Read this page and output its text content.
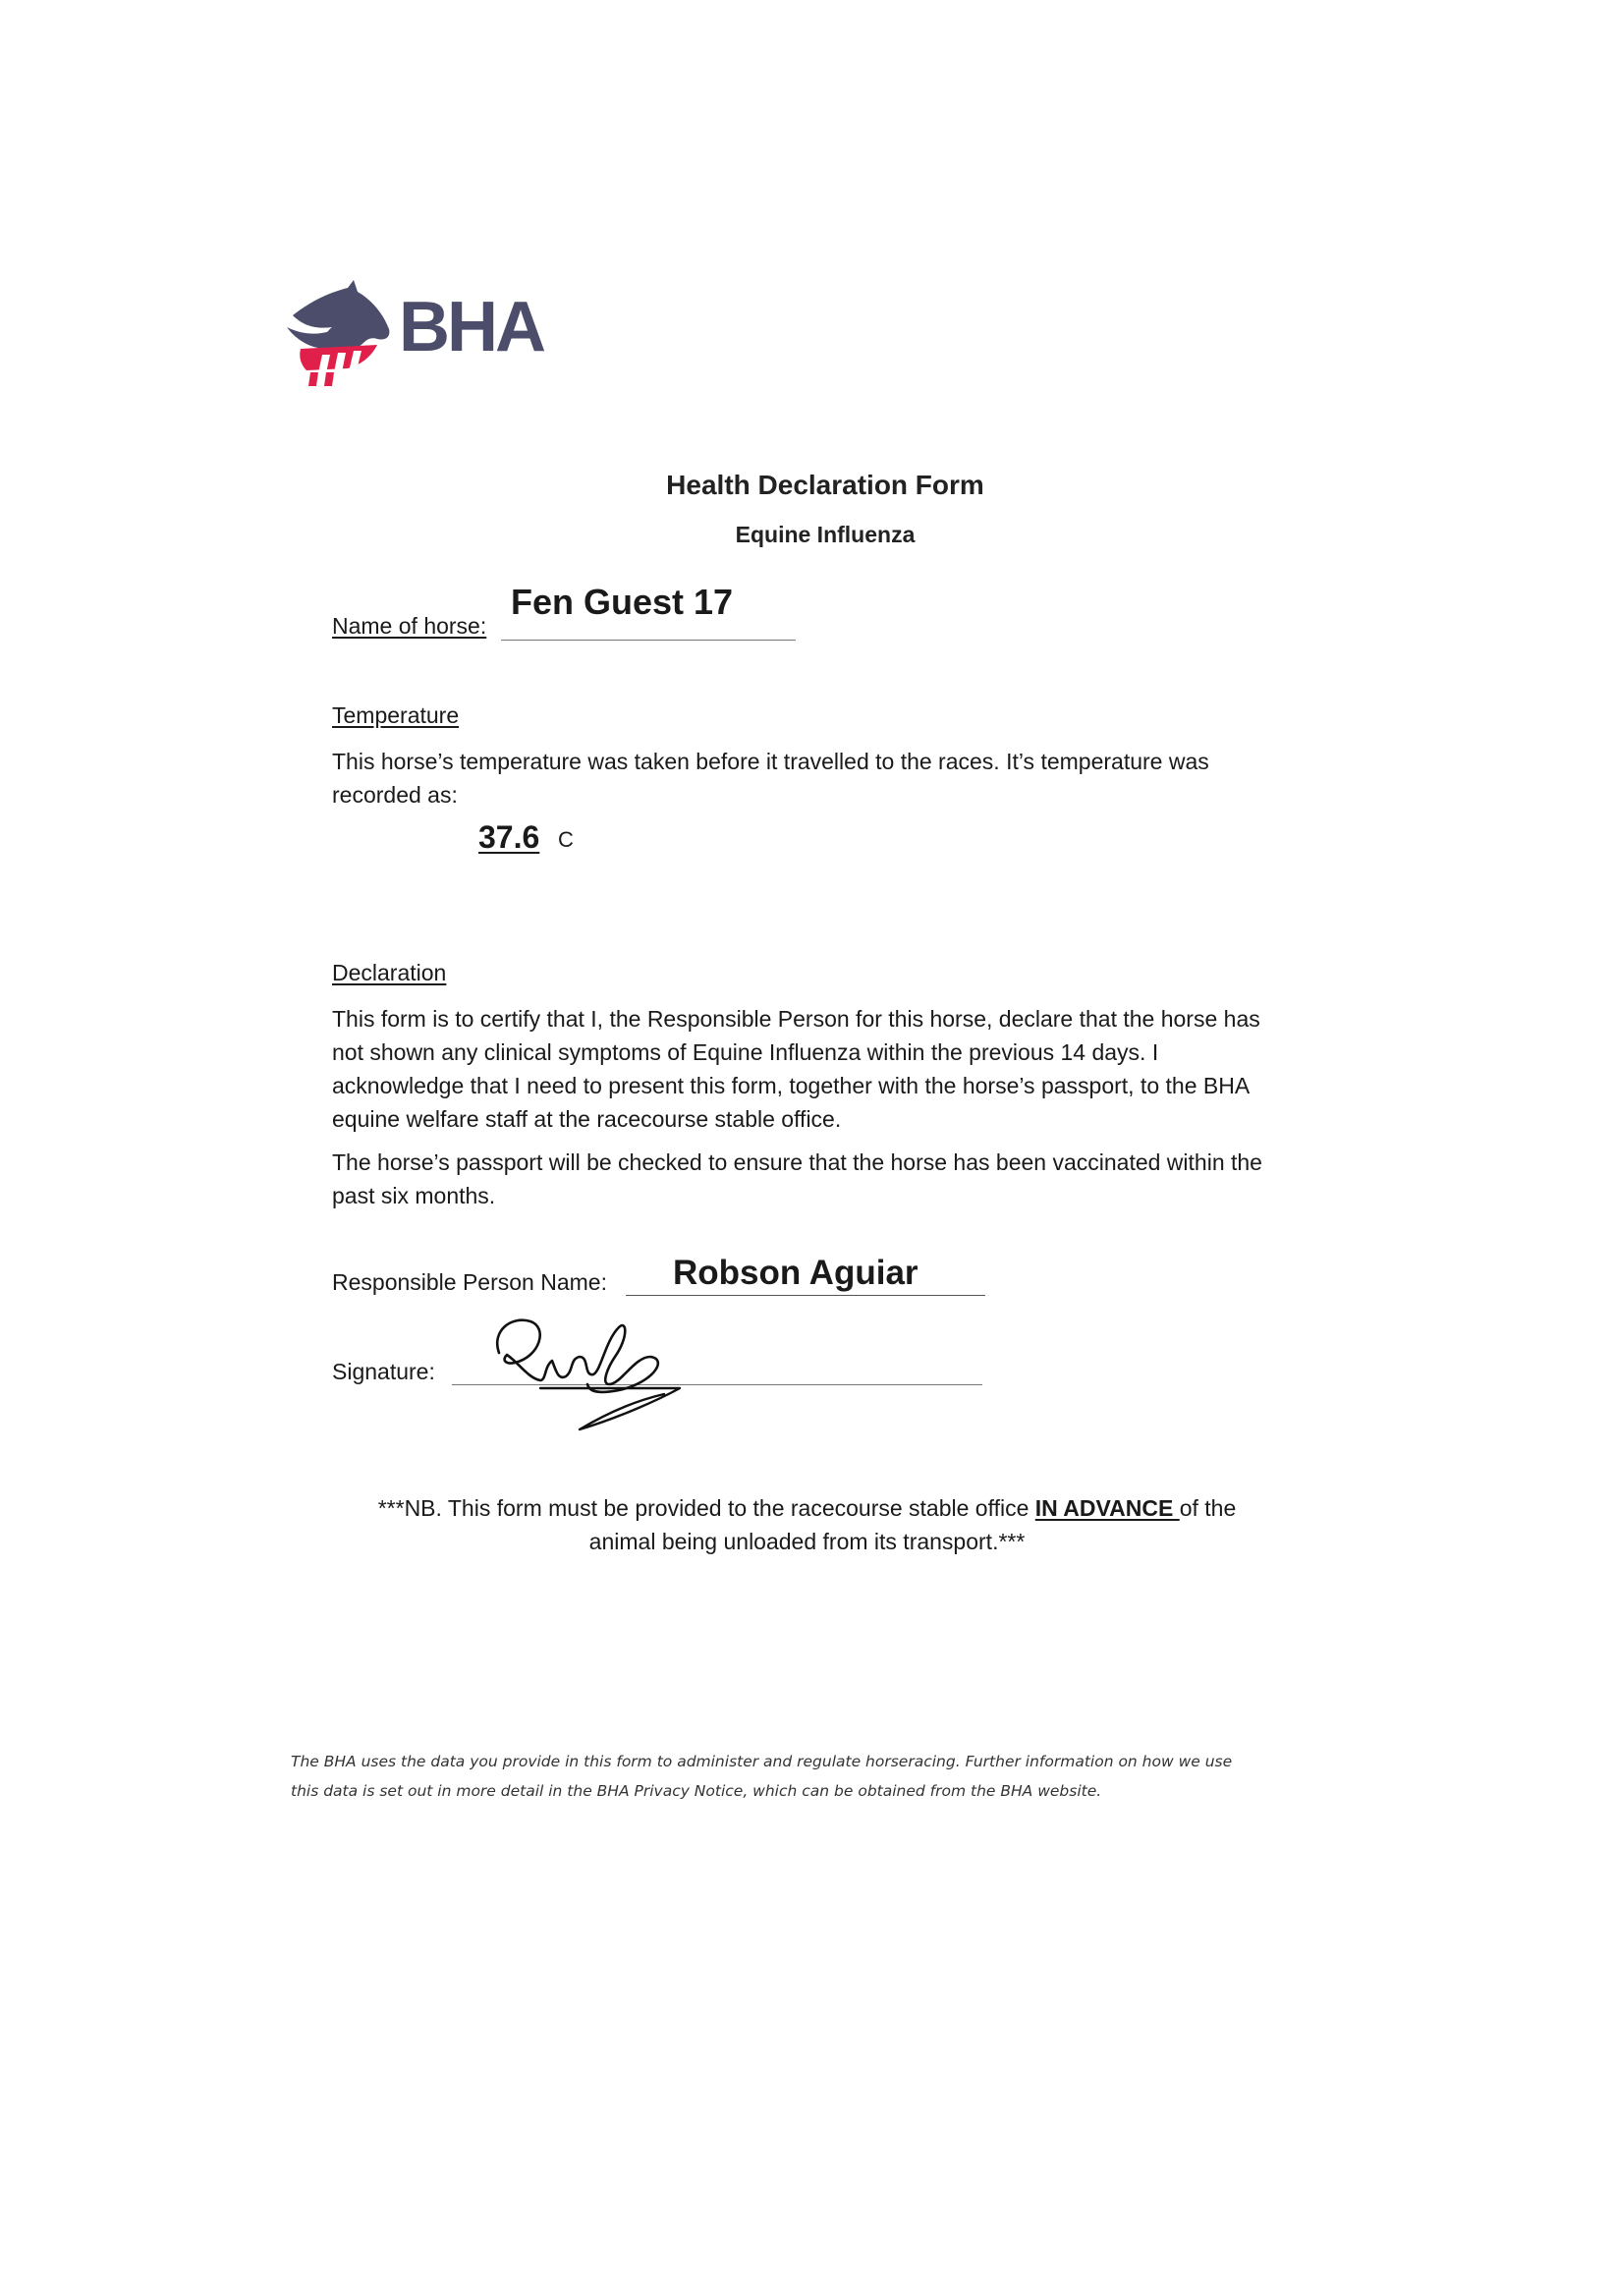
BHA
Health Declaration Form
Equine Influenza
Name of horse:
Fen Guest 17
Temperature
This horse’s temperature was taken before it travelled to the races. It’s temperature was recorded as:
37.6 C
Declaration
This form is to certify that I, the Responsible Person for this horse, declare that the horse has not shown any clinical symptoms of Equine Influenza within the previous 14 days. I acknowledge that I need to present this form, together with the horse’s passport, to the BHA equine welfare staff at the racecourse stable office.
The horse’s passport will be checked to ensure that the horse has been vaccinated within the past six months.
Responsible Person Name: Robson Aguiar
Signature:
***NB. This form must be provided to the racecourse stable office IN ADVANCE of the
animal being unloaded from its transport.***
The BHA uses the data you provide in this form to administer and regulate horseracing. Further information on how we use
this data is set out in more detail in the BHA Privacy Notice, which can be obtained from the BHA website.
